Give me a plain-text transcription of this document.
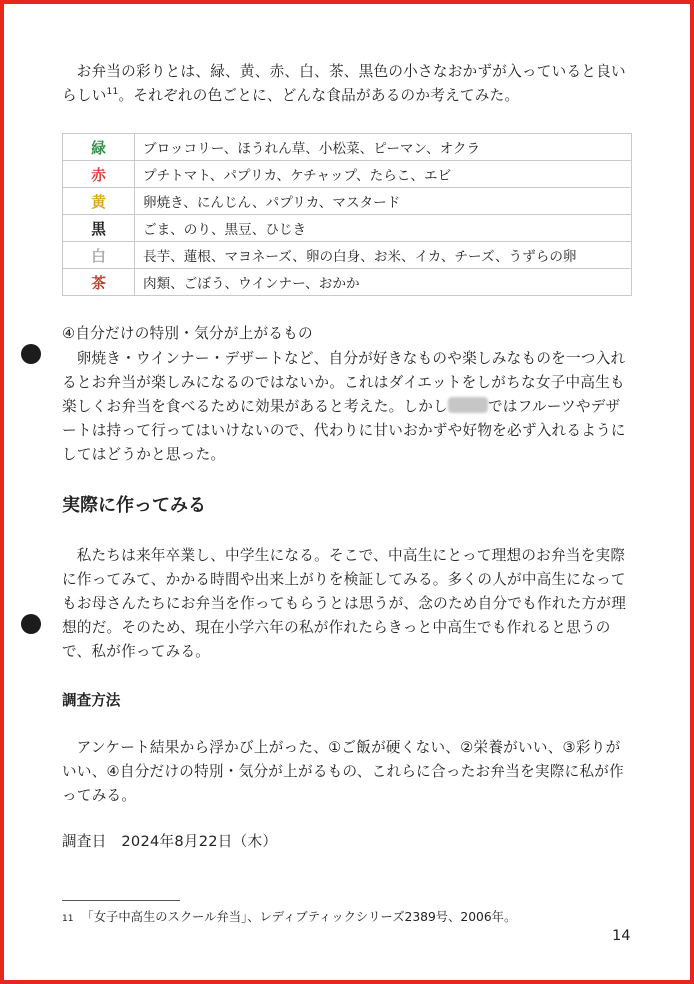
お弁当の彩りとは、緑、黄、赤、白、茶、黒色の小さなおかずが入っていると良いらしい$^{11}$。それぞれの色ごとに、どんな食品があるのか考えてみた。

緑	ブロッコリー、ほうれん草、小松菜、ピーマン、オクラ
赤	プチトマト、パプリカ、ケチャップ、たらこ、エビ
黄	卵焼き、にんじん、パプリカ、マスタード
黒	ごま、のり、黒豆、ひじき
白	長芋、蓮根、マヨネーズ、卵の白身、お米、イカ、チーズ、うずらの卵
茶	肉類、ごぼう、ウインナー、おかか

④自分だけの特別・気分が上がるもの

卵焼き・ウインナー・デザートなど、自分が好きなものや楽しみなものを一つ入れるとお弁当が楽しみになるのではないか。これはダイエットをしがちな女子中高生も楽しくお弁当を食べるために効果があると考えた。しかし	ではフルーツやデザートは持って行ってはいけないので、代わりに甘いおかずや好物を必ず入れるようにしてはどうかと思った。

実際に作ってみる

私たちは来年卒業し、中学生になる。そこで、中高生にとって理想のお弁当を実際に作ってみて、かかる時間や出来上がりを検証してみる。多くの人が中高生になってもお母さんたちにお弁当を作ってもらうとは思うが、念のため自分でも作れた方が理想的だ。そのため、現在小学六年の私が作れたらきっと中高生でも作れると思うので、私が作ってみる。

調査方法

アンケート結果から浮かび上がった、①ご飯が硬くない、②栄養がいい、③彩りがいい、④自分だけの特別・気分が上がるもの、これらに合ったお弁当を実際に私が作ってみる。

調査日　2024年8月22日（木）

11 「女子中高生のスクール弁当」、レディブティックシリーズ2389号、2006年。

14
